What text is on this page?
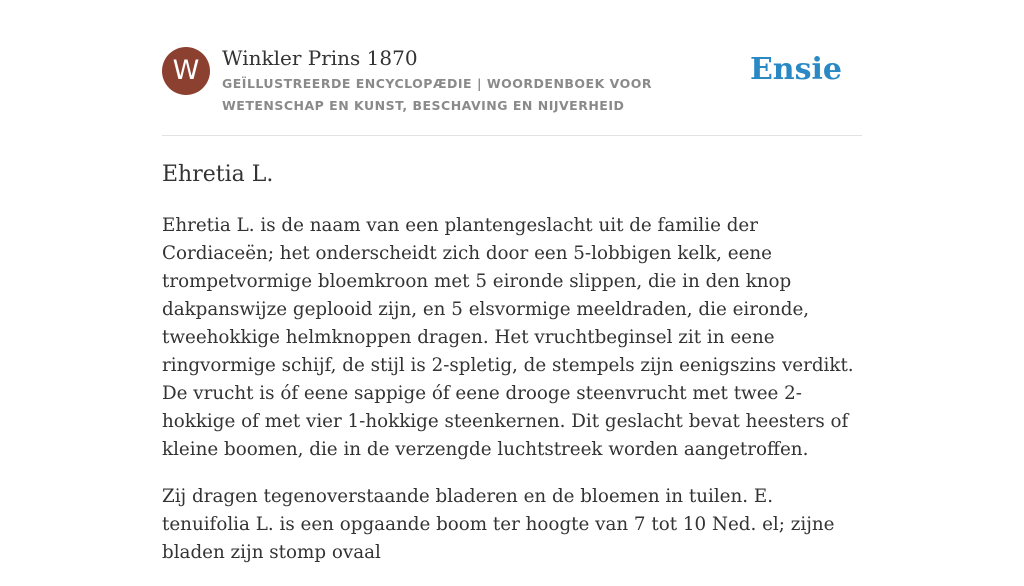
W	Winkler Prins 1870
GEÏLLUSTREERDE ENCYCLOPÆDIE | WOORDENBOEK VOOR WETENSCHAP EN KUNST, BESCHAVING EN NIJVERHEID
Ensie
Ehretia L.

Ehretia L. is de naam van een plantengeslacht uit de familie der Cordiaceën; het onderscheidt zich door een 5-lobbigen kelk, eene trompetvormige bloemkroon met 5 eironde slippen, die in den knop dakpanswijze geplooid zijn, en 5 elsvormige meeldraden, die eironde, tweehokkige helmknoppen dragen. Het vruchtbeginsel zit in eene ringvormige schijf, de stijl is 2-spletig, de stempels zijn eenigszins verdikt. De vrucht is óf eene sappige óf eene drooge steenvrucht met twee 2-hokkige of met vier 1-hokkige steenkernen. Dit geslacht bevat heesters of kleine boomen, die in de verzengde luchtstreek worden aangetroffen.

Zij dragen tegenoverstaande bladeren en de bloemen in tuilen. E. tenuifolia L. is een opgaande boom ter hoogte van 7 tot 10 Ned. el; zijne bladen zijn stomp ovaal
